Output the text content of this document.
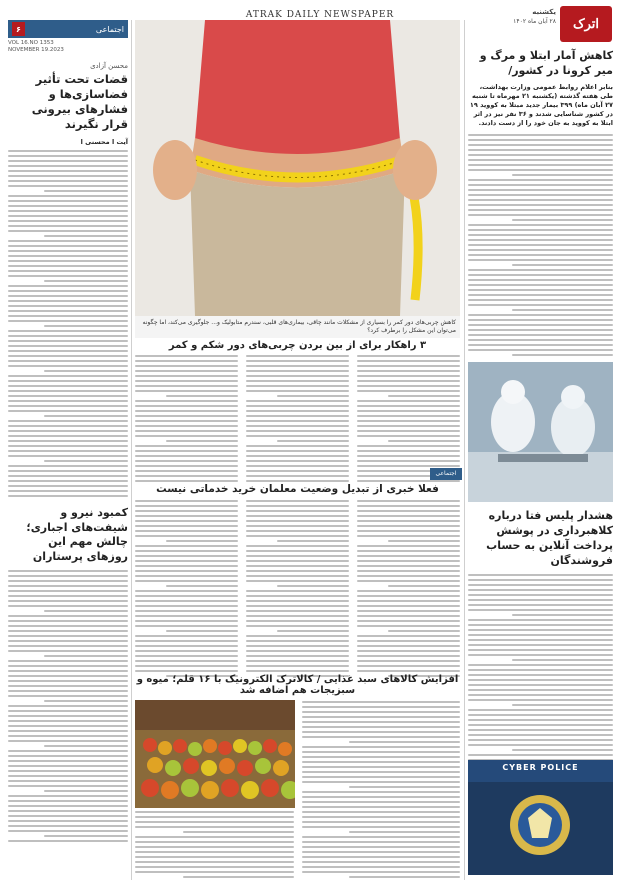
ATRAK DAILY NEWSPAPER
اترک
یکشنبه
۲۸ آبان ماه ۱۴۰۲
۶	اجتماعی
VOL 16.NO 1353
NOVEMBER 19.2023
محسن آزادی
قضات تحت تأثیر فضاسازی‌ها و فشارهای بیرونی قرار نگیرند
آیت ا محسنی ا
کمبود نیرو و شیفت‌های اجباری؛ چالش مهم این روزهای پرستاران
کاهش چربی‌های دور کمر را بسیاری از مشکلات مانند چاقی، بیماری‌های قلبی، سندرم متابولیک و... جلوگیری می‌کند، اما چگونه می‌توان این مشکل را برطرف کرد؟
۳ راهکار برای از بین بردن چربی‌های دور شکم و کمر
اجتماعی
فعلا خبری از تبدیل وضعیت معلمان خرید خدماتی نیست
افزایش کالاهای سبد غذایی / کالاترک الکترونیک با ۱۶ قلم؛ میوه و سبزیجات هم اضافه شد
کاهش آمار ابتلا و مرگ و میر کرونا در کشور/
بنابر اعلام روابط عمومی وزارت بهداشت، طی هفته گذشته (یکشنبه ۲۱ مهرماه تا شنبه ۲۷ آبان ماه) ۳۹۹ بیمار جدید مبتلا به کووید ۱۹ در کشور شناسایی شدند و ۳۶ نفر نیز در اثر ابتلا به کووید به جان خود را از دست دادند.
هشدار پلیس فتا درباره کلاهبرداری در پوشش پرداخت آنلاین به حساب فروشندگان
CYBER POLICE
